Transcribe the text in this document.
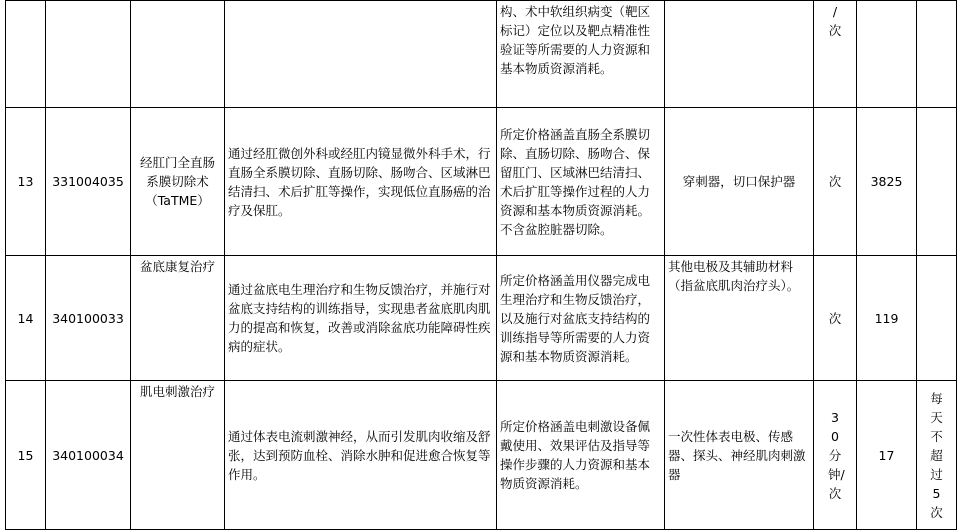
				构、术中软组织病变（靶区标记）定位以及靶点精准性验证等所需要的人力资源和基本物质资源消耗。		/次		
13	331004035	经肛门全直肠系膜切除术（TaTME）	通过经肛微创外科或经肛内镜显微外科手术，行直肠全系膜切除、直肠切除、肠吻合、区域淋巴结清扫、术后扩肛等操作，实现低位直肠癌的治疗及保肛。	所定价格涵盖直肠全系膜切除、直肠切除、肠吻合、保留肛门、区域淋巴结清扫、术后扩肛等操作过程的人力资源和基本物质资源消耗。不含盆腔脏器切除。	穿刺器，切口保护器	次	3825	
14	340100033	盆底康复治疗	通过盆底电生理治疗和生物反馈治疗，并施行对盆底支持结构的训练指导，实现患者盆底肌肉肌力的提高和恢复，改善或消除盆底功能障碍性疾病的症状。	所定价格涵盖用仪器完成电生理治疗和生物反馈治疗，以及施行对盆底支持结构的训练指导等所需要的人力资源和基本物质资源消耗。	其他电极及其辅助材料（指盆底肌肉治疗头）。	次	119	
15	340100034	肌电刺激治疗	通过体表电流刺激神经，从而引发肌肉收缩及舒张，达到预防血栓、消除水肿和促进愈合恢复等作用。	所定价格涵盖电刺激设备佩戴使用、效果评估及指导等操作步骤的人力资源和基本物质资源消耗。	一次性体表电极、传感器、探头、神经肌肉刺激器	30分钟/次	17	每天不超过5次
